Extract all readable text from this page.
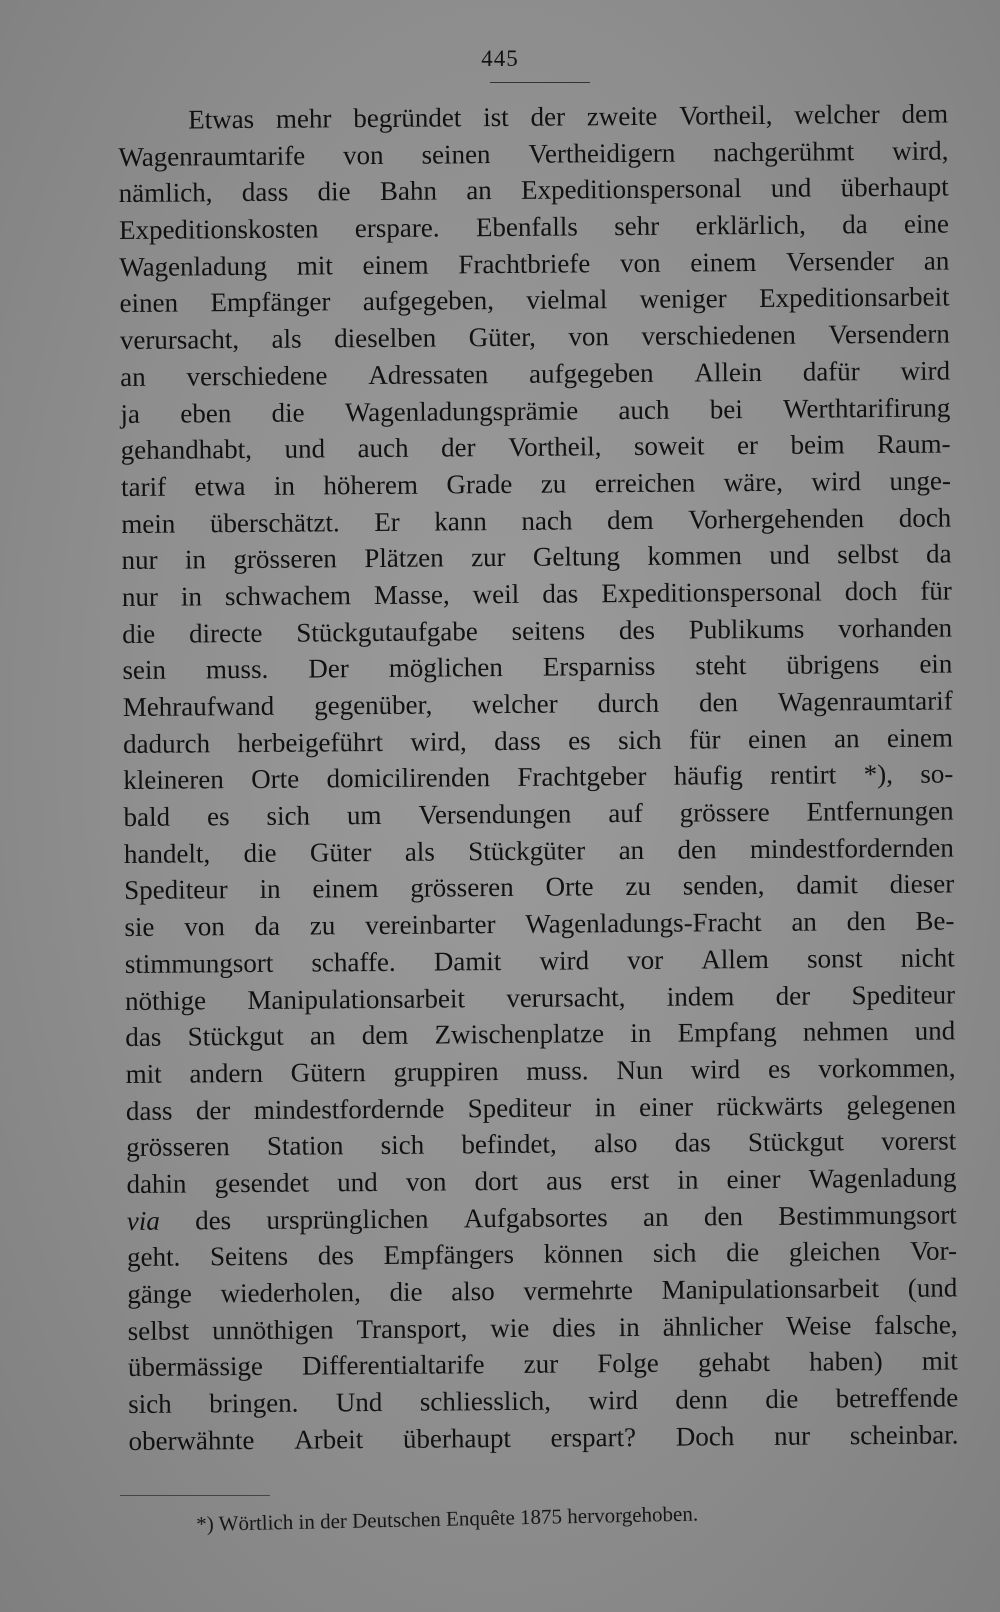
445
Etwas mehr begründet ist der zweite Vortheil, welcher dem
Wagenraumtarife von seinen Vertheidigern nachgerühmt wird,
nämlich, dass die Bahn an Expeditionspersonal und überhaupt
Expeditionskosten erspare. Ebenfalls sehr erklärlich, da eine
Wagenladung mit einem Frachtbriefe von einem Versender an
einen Empfänger aufgegeben, vielmal weniger Expeditionsarbeit
verursacht, als dieselben Güter, von verschiedenen Versendern
an verschiedene Adressaten aufgegeben Allein dafür wird
ja eben die Wagenladungsprämie auch bei Werthtarifirung
gehandhabt, und auch der Vortheil, soweit er beim Raum-
tarif etwa in höherem Grade zu erreichen wäre, wird unge-
mein überschätzt. Er kann nach dem Vorhergehenden doch
nur in grösseren Plätzen zur Geltung kommen und selbst da
nur in schwachem Masse, weil das Expeditionspersonal doch für
die directe Stückgutaufgabe seitens des Publikums vorhanden
sein muss. Der möglichen Ersparniss steht übrigens ein
Mehraufwand gegenüber, welcher durch den Wagenraumtarif
dadurch herbeigeführt wird, dass es sich für einen an einem
kleineren Orte domicilirenden Frachtgeber häufig rentirt *), so-
bald es sich um Versendungen auf grössere Entfernungen
handelt, die Güter als Stückgüter an den mindestfordernden
Spediteur in einem grösseren Orte zu senden, damit dieser
sie von da zu vereinbarter Wagenladungs-Fracht an den Be-
stimmungsort schaffe. Damit wird vor Allem sonst nicht
nöthige Manipulationsarbeit verursacht, indem der Spediteur
das Stückgut an dem Zwischenplatze in Empfang nehmen und
mit andern Gütern gruppiren muss. Nun wird es vorkommen,
dass der mindestfordernde Spediteur in einer rückwärts gelegenen
grösseren Station sich befindet, also das Stückgut vorerst
dahin gesendet und von dort aus erst in einer Wagenladung
via des ursprünglichen Aufgabsortes an den Bestimmungsort
geht. Seitens des Empfängers können sich die gleichen Vor-
gänge wiederholen, die also vermehrte Manipulationsarbeit (und
selbst unnöthigen Transport, wie dies in ähnlicher Weise falsche,
übermässige Differentialtarife zur Folge gehabt haben) mit
sich bringen. Und schliesslich, wird denn die betreffende
oberwähnte Arbeit überhaupt erspart? Doch nur scheinbar.
*) Wörtlich in der Deutschen Enquête 1875 hervorgehoben.
